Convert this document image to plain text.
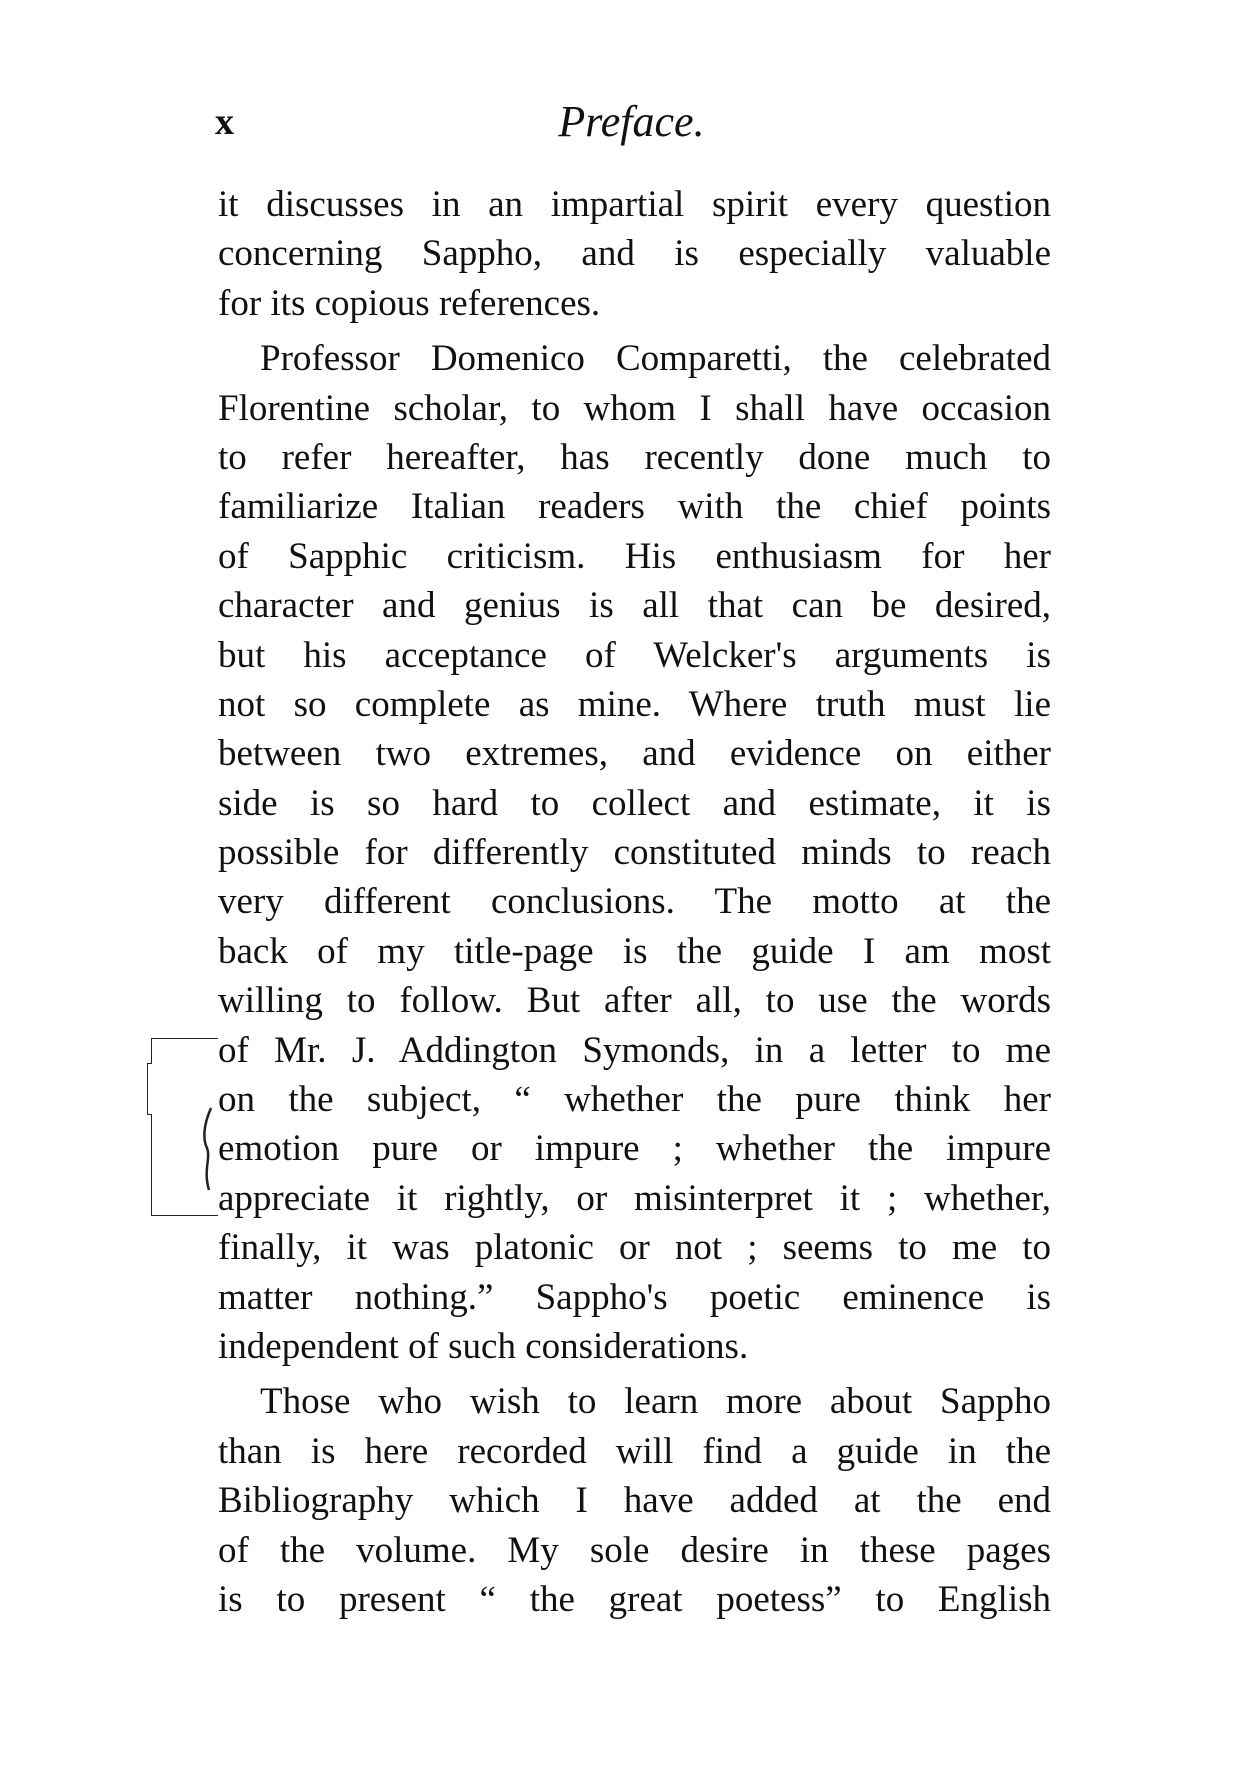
x	Preface.
it discusses in an impartial spirit every question
concerning Sappho, and is especially valuable
for its copious references.
Professor Domenico Comparetti, the celebrated
Florentine scholar, to whom I shall have occasion
to refer hereafter, has recently done much to
familiarize Italian readers with the chief points
of Sapphic criticism. His enthusiasm for her
character and genius is all that can be desired,
but his acceptance of Welcker's arguments is
not so complete as mine. Where truth must lie
between two extremes, and evidence on either
side is so hard to collect and estimate, it is
possible for differently constituted minds to reach
very different conclusions. The motto at the
back of my title-page is the guide I am most
willing to follow. But after all, to use the words
of Mr. J. Addington Symonds, in a letter to me
on the subject, “ whether the pure think her
emotion pure or impure ; whether the impure
appreciate it rightly, or misinterpret it ; whether,
finally, it was platonic or not ; seems to me to
matter nothing.” Sappho's poetic eminence is
independent of such considerations.
Those who wish to learn more about Sappho
than is here recorded will find a guide in the
Bibliography which I have added at the end
of the volume. My sole desire in these pages
is to present “ the great poetess” to English
